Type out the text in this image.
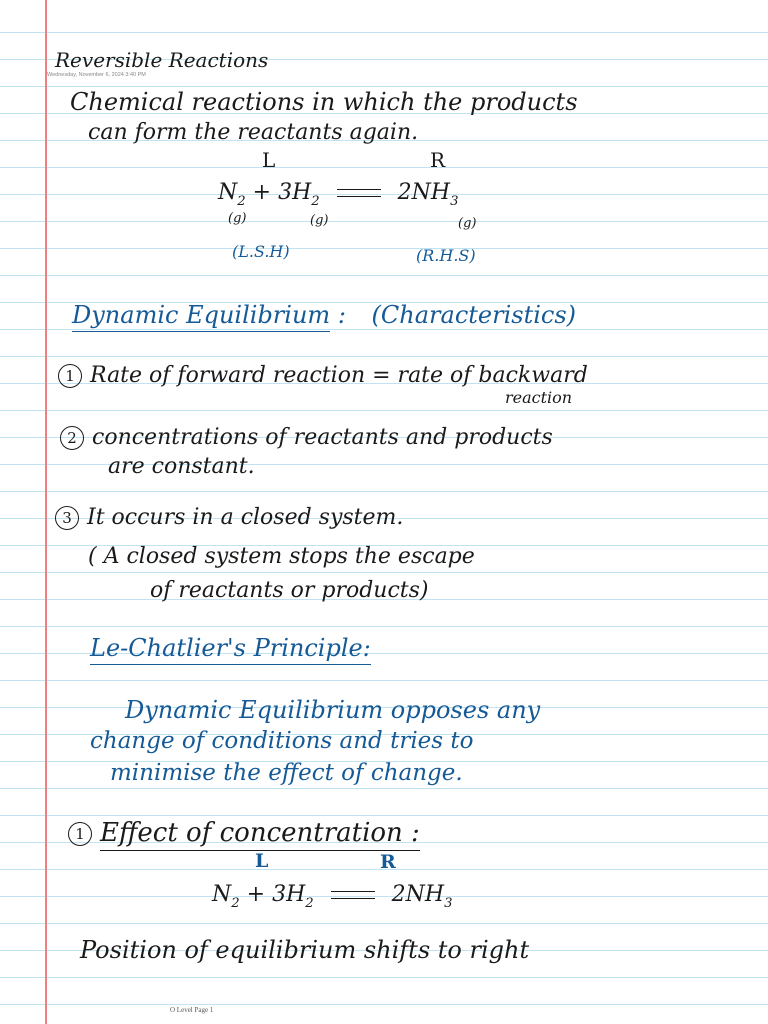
Reversible Reactions
Wednesday, November 6, 2024 3:40 PM
Chemical reactions in which the products
can form the reactants again.
L	R
$N_2 + 3H_2$	$2NH_3$
(g)	(g)	(g)
(L.S.H)	(R.H.S)
Dynamic Equilibrium : (Characteristics)
1 Rate of forward reaction = rate of backward
reaction
2 concentrations of reactants and products
are constant.
3 It occurs in a closed system.
( A closed system stops the escape
of reactants or products)
Le-Chatlier's Principle:
Dynamic Equilibrium opposes any
change of conditions and tries to
minimise the effect of change.
1 Effect of concentration :
L	R
$N_2 + 3H_2$	$2NH_3$
Position of equilibrium shifts to right
O Level Page 1
